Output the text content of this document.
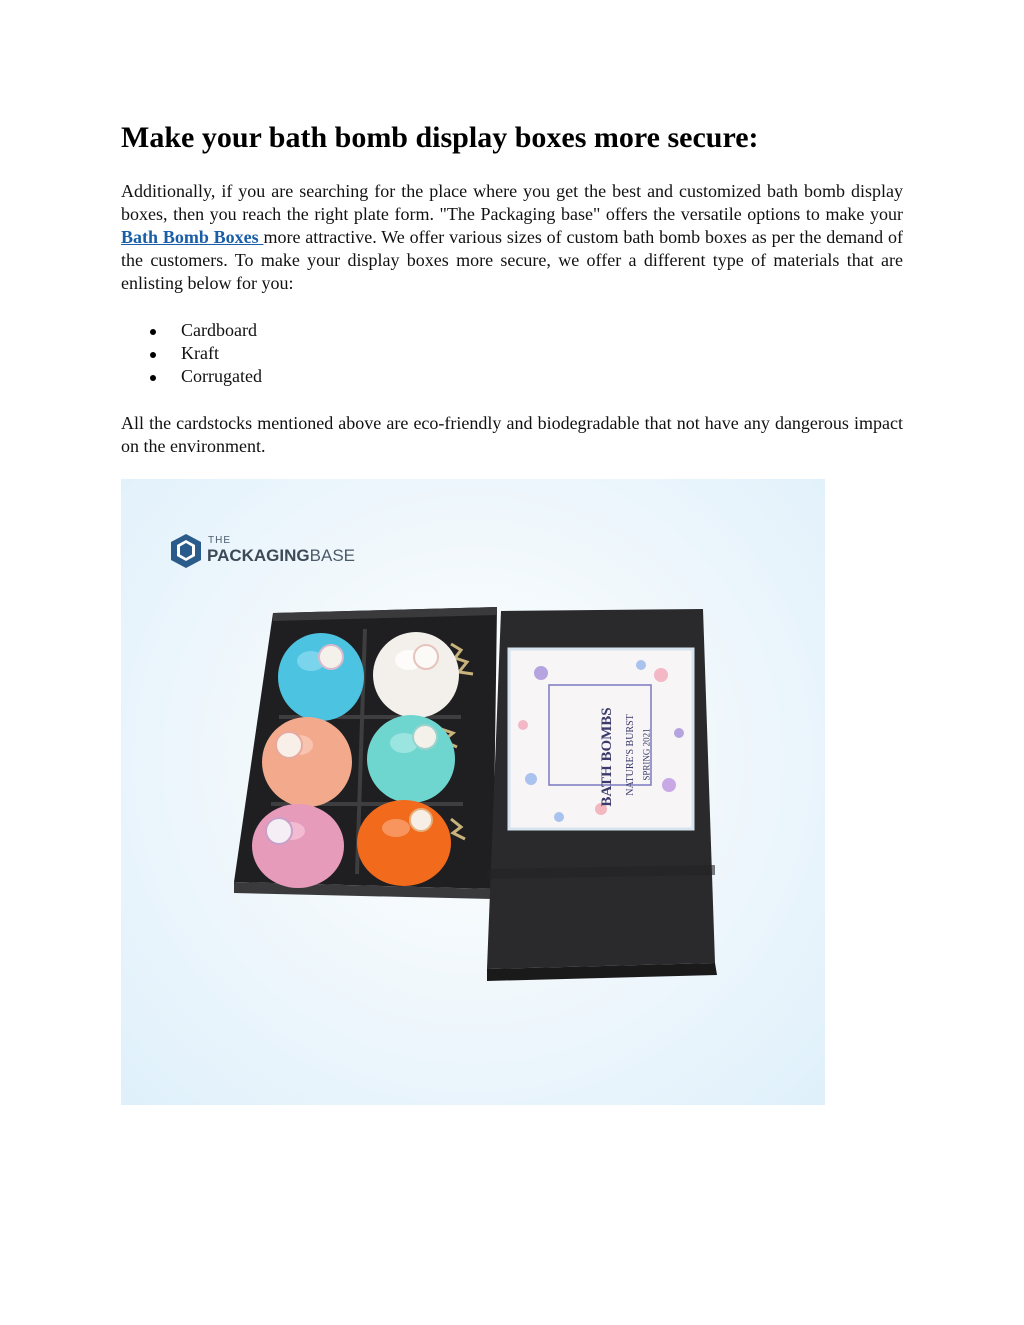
Make your bath bomb display boxes more secure:

Additionally, if you are searching for the place where you get the best and customized bath bomb display boxes, then you reach the right plate form. "The Packaging base" offers the versatile options to make your Bath Bomb Boxes more attractive. We offer various sizes of custom bath bomb boxes as per the demand of the customers. To make your display boxes more secure, we offer a different type of materials that are enlisting below for you:

Cardboard
Kraft
Corrugated

All the cardstocks mentioned above are eco-friendly and biodegradable that not have any dangerous impact on the environment.

THE
PACKAGINGBASE
BATH BOMBS NATURE'S BURST SPRING 2021
